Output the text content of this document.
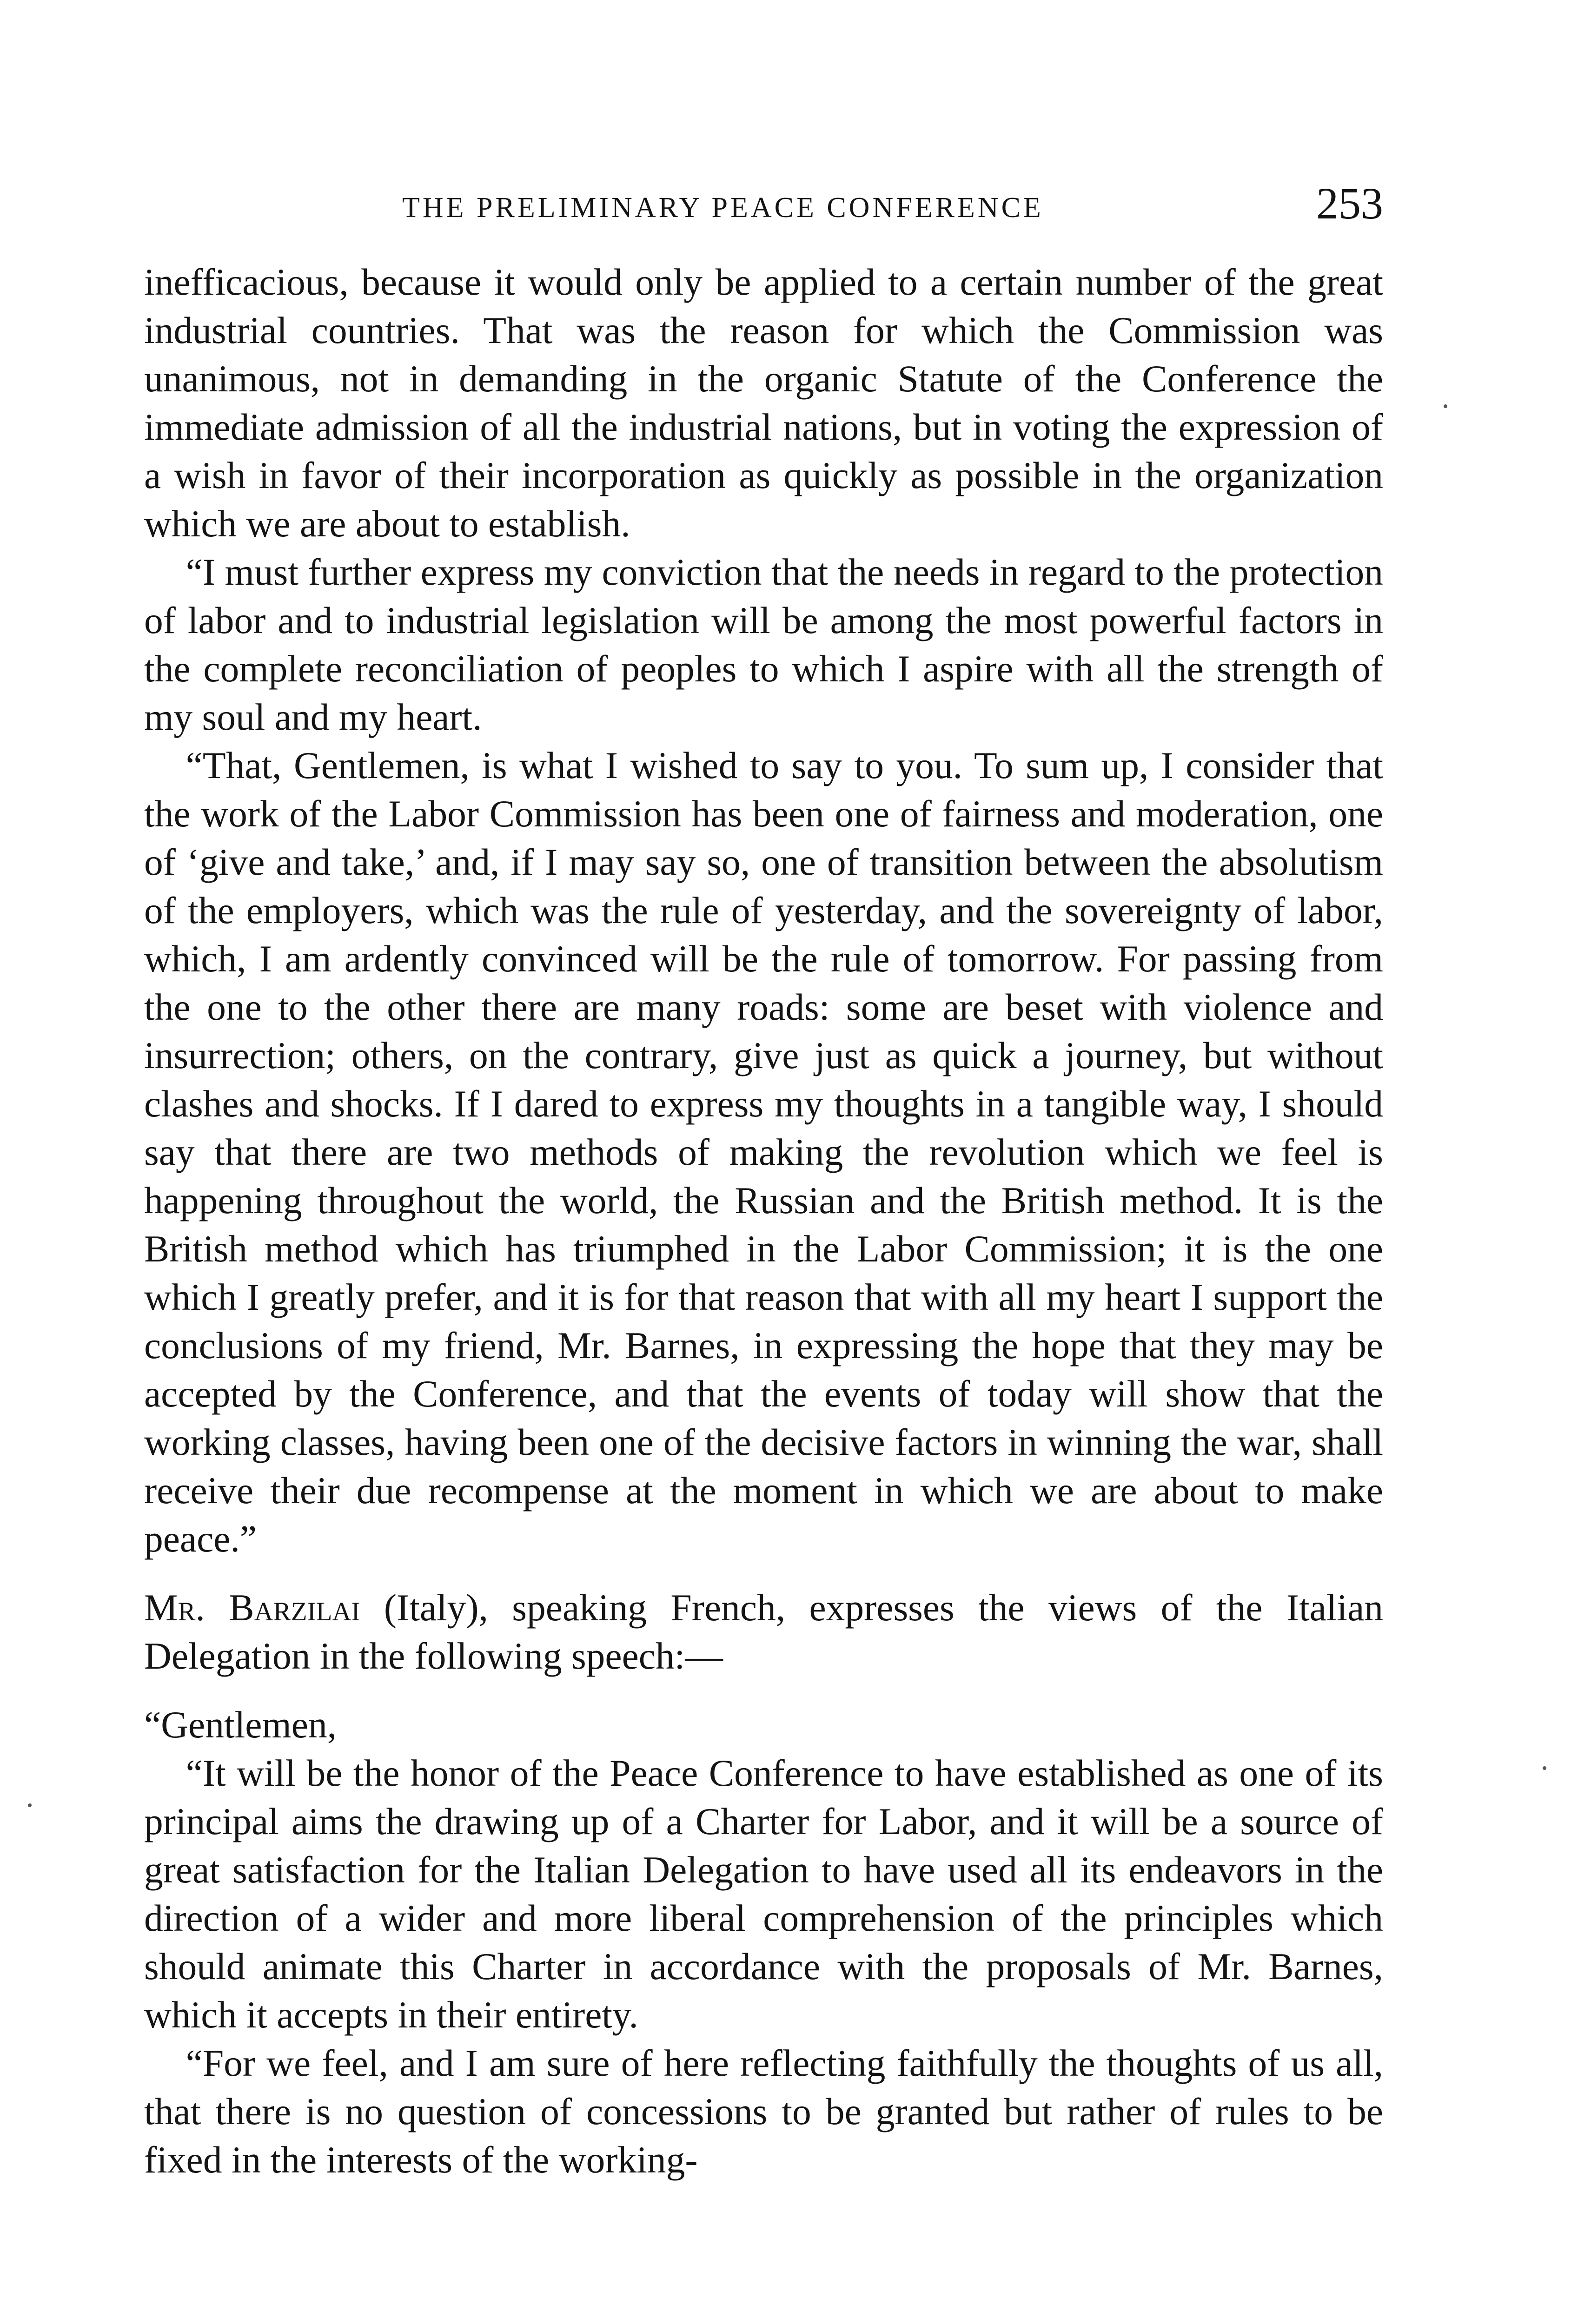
THE PRELIMINARY PEACE CONFERENCE	253

inefficacious, because it would only be applied to a certain number of the great industrial countries. That was the reason for which the Commission was unanimous, not in demanding in the organic Statute of the Conference the immediate admission of all the industrial nations, but in voting the expression of a wish in favor of their incorporation as quickly as possible in the organization which we are about to establish.

“I must further express my conviction that the needs in regard to the protection of labor and to industrial legislation will be among the most powerful factors in the complete reconciliation of peoples to which I aspire with all the strength of my soul and my heart.

“That, Gentlemen, is what I wished to say to you. To sum up, I consider that the work of the Labor Commission has been one of fairness and moderation, one of ‘give and take,’ and, if I may say so, one of transition between the absolutism of the employers, which was the rule of yesterday, and the sovereignty of labor, which, I am ardently convinced will be the rule of tomorrow. For passing from the one to the other there are many roads: some are beset with violence and insurrection; others, on the contrary, give just as quick a journey, but without clashes and shocks. If I dared to express my thoughts in a tangible way, I should say that there are two methods of making the revolution which we feel is happening throughout the world, the Russian and the British method. It is the British method which has triumphed in the Labor Commission; it is the one which I greatly prefer, and it is for that reason that with all my heart I support the conclusions of my friend, Mr. Barnes, in expressing the hope that they may be accepted by the Conference, and that the events of today will show that the working classes, having been one of the decisive factors in winning the war, shall receive their due recompense at the moment in which we are about to make peace.”

Mr. Barzilai (Italy), speaking French, expresses the views of the Italian Delegation in the following speech:—

“Gentlemen,

“It will be the honor of the Peace Conference to have established as one of its principal aims the drawing up of a Charter for Labor, and it will be a source of great satisfaction for the Italian Delegation to have used all its endeavors in the direction of a wider and more liberal comprehension of the principles which should animate this Charter in accordance with the proposals of Mr. Barnes, which it accepts in their entirety.

“For we feel, and I am sure of here reflecting faithfully the thoughts of us all, that there is no question of concessions to be granted but rather of rules to be fixed in the interests of the working-
